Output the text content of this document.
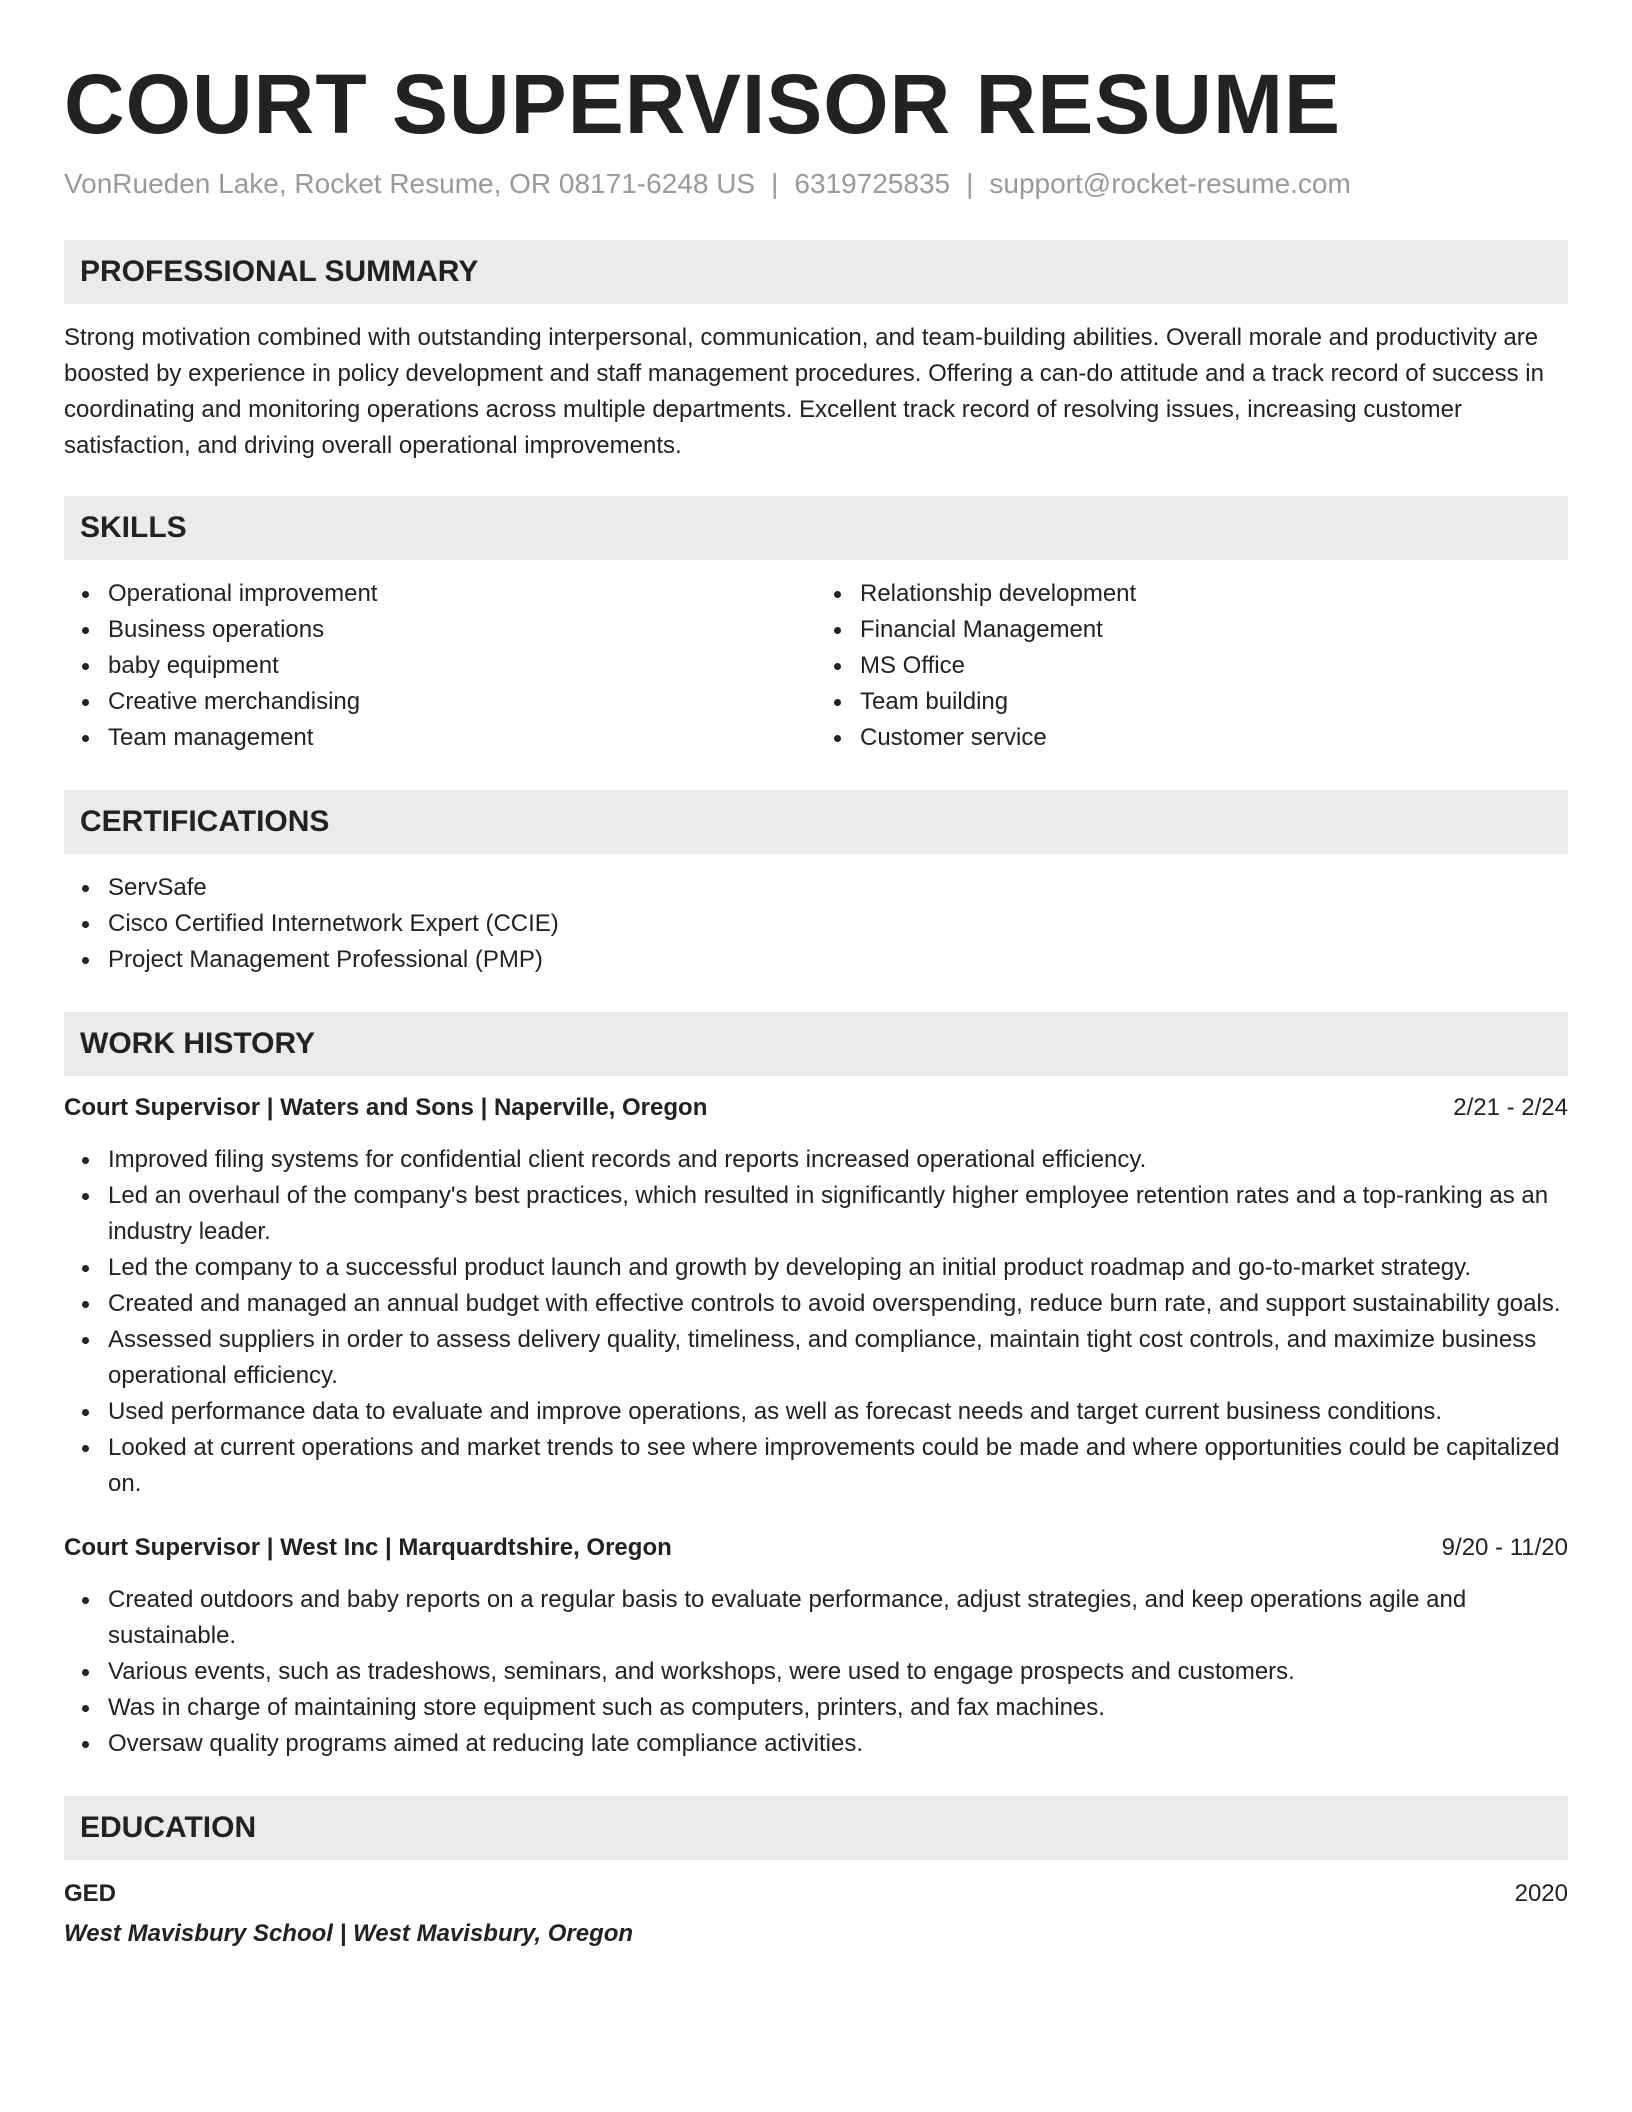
COURT SUPERVISOR RESUME
VonRueden Lake, Rocket Resume, OR 08171-6248 US | 6319725835 | support@rocket-resume.com
PROFESSIONAL SUMMARY

Strong motivation combined with outstanding interpersonal, communication, and team-building abilities. Overall morale and productivity are boosted by experience in policy development and staff management procedures. Offering a can-do attitude and a track record of success in coordinating and monitoring operations across multiple departments. Excellent track record of resolving issues, increasing customer satisfaction, and driving overall operational improvements.

SKILLS
Operational improvement
Business operations
baby equipment
Creative merchandising
Team management
Relationship development
Financial Management
MS Office
Team building
Customer service
CERTIFICATIONS
ServSafe
Cisco Certified Internetwork Expert (CCIE)
Project Management Professional (PMP)
WORK HISTORY
Court Supervisor | Waters and Sons | Naperville, Oregon	2/21 - 2/24
Improved filing systems for confidential client records and reports increased operational efficiency.
Led an overhaul of the company's best practices, which resulted in significantly higher employee retention rates and a top-ranking as an industry leader.
Led the company to a successful product launch and growth by developing an initial product roadmap and go-to-market strategy.
Created and managed an annual budget with effective controls to avoid overspending, reduce burn rate, and support sustainability goals.
Assessed suppliers in order to assess delivery quality, timeliness, and compliance, maintain tight cost controls, and maximize business operational efficiency.
Used performance data to evaluate and improve operations, as well as forecast needs and target current business conditions.
Looked at current operations and market trends to see where improvements could be made and where opportunities could be capitalized on.
Court Supervisor | West Inc | Marquardtshire, Oregon	9/20 - 11/20
Created outdoors and baby reports on a regular basis to evaluate performance, adjust strategies, and keep operations agile and sustainable.
Various events, such as tradeshows, seminars, and workshops, were used to engage prospects and customers.
Was in charge of maintaining store equipment such as computers, printers, and fax machines.
Oversaw quality programs aimed at reducing late compliance activities.
EDUCATION
GED	2020
West Mavisbury School | West Mavisbury, Oregon
